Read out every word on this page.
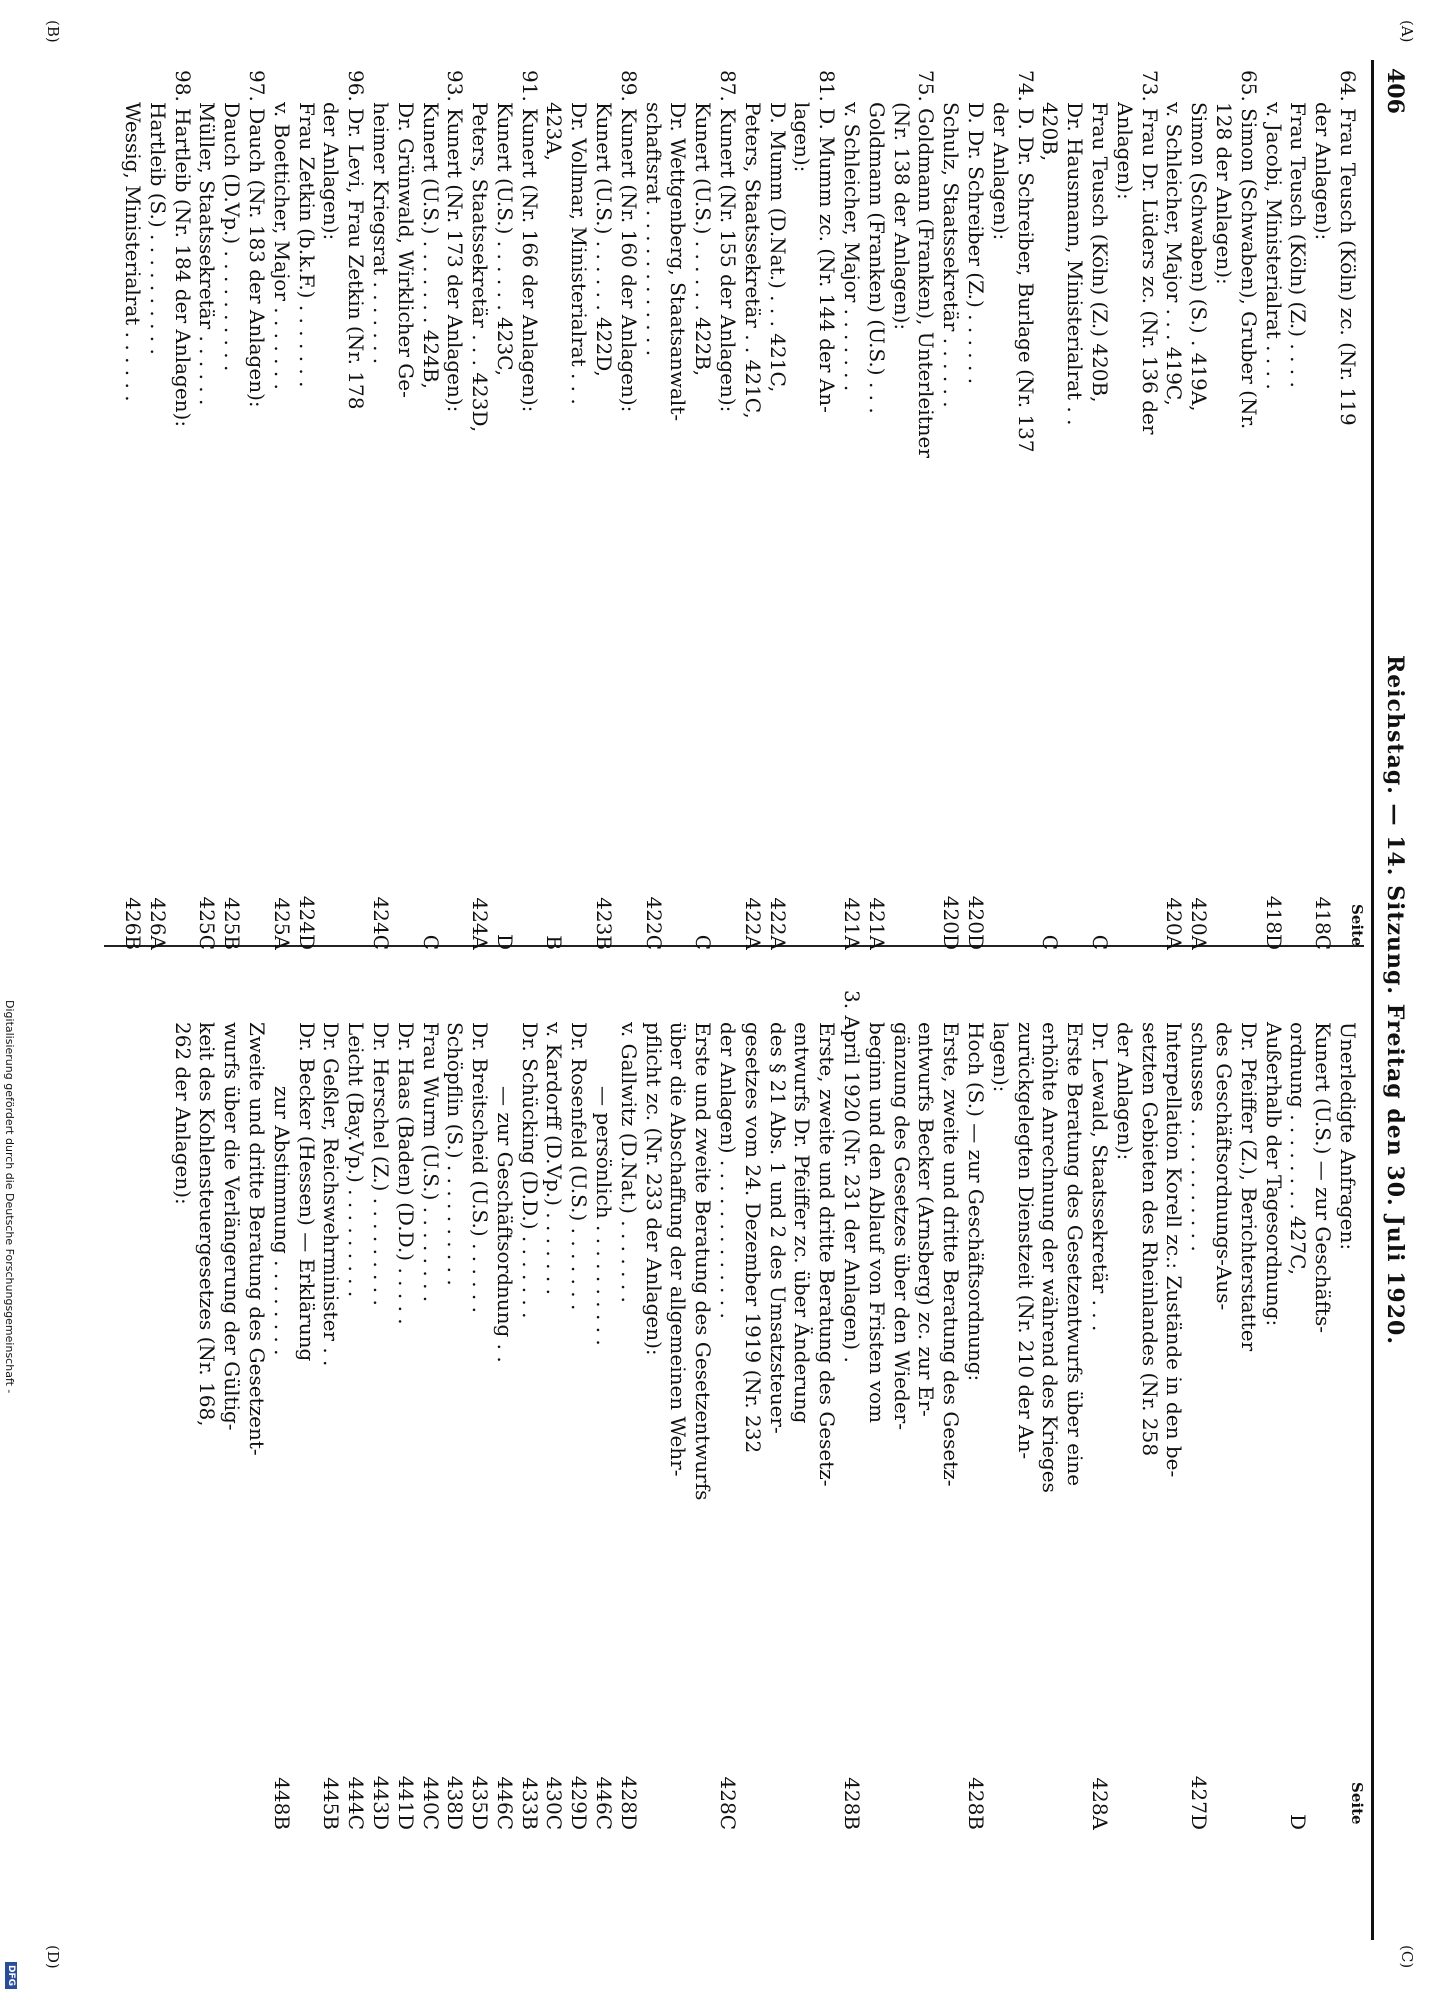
406
Reichstag. — 14. Sitzung. Freitag den 30. Juli 1920.
(A)
(B)
(C)
(D)
Seite
Seite
64. Frau Teusch (Köln) zc. (Nr. 119
der Anlagen):
418C
Frau Teusch (Köln) (Z.) . . . .
v. Jacobi, Ministerialrat . . . .
418D
65. Simon (Schwaben), Gruber (Nr.
128 der Anlagen):
Simon (Schwaben) (S.) . 419A,
420A
v. Schleicher, Major . . . 419C,
420A
73. Frau Dr. Lüders zc. (Nr. 136 der
Anlagen):
Frau Teusch (Köln) (Z.) 420B,
C
Dr. Hausmann, Ministerialrat . .
420B,
C
74. D. Dr. Schreiber, Burlage (Nr. 137
der Anlagen):
D. Dr. Schreiber (Z.) . . . . . .
420D
Schulz, Staatssekretär . . . . . .
420D
75. Goldmann (Franken), Unterleitner
(Nr. 138 der Anlagen):
Goldmann (Franken) (U.S.) . . .
421A
v. Schleicher, Major . . . . . . .
421A
81. D. Mumm zc. (Nr. 144 der An-
lagen):
D. Mumm (D.Nat.) . . . 421C,
422A
Peters, Staatssekretär . . 421C,
422A
87. Kunert (Nr. 155 der Anlagen):
Kunert (U.S.) . . . . . . 422B,
C
Dr. Wettgenberg, Staatsanwalt-
schaftsrat . . . . . . . . . . . .
422C
89. Kunert (Nr. 160 der Anlagen):
Kunert (U.S.) . . . . . . 422D,
423B
Dr. Vollmar, Ministerialrat . . .
423A,
B
91. Kunert (Nr. 166 der Anlagen):
Kunert (U.S.) . . . . . . 423C,
D
Peters, Staatssekretär . . . 423D,
424A
93. Kunert (Nr. 173 der Anlagen):
Kunert (U.S.) . . . . . . . 424B,
C
Dr. Grünwald, Wirklicher Ge-
heimer Kriegsrat . . . . . . .
424C
96. Dr. Levi, Frau Zetkin (Nr. 178
der Anlagen):
Frau Zetkin (b.k.F.) . . . . . . .
424D
v. Boetticher, Major . . . . . . .
425A
97. Dauch (Nr. 183 der Anlagen):
Dauch (D.Vp.) . . . . . . . . . .
425B
Müller, Staatssekretär . . . . . .
425C
98. Hartleib (Nr. 184 der Anlagen):
Hartleib (S.) . . . . . . . . . .
426A
Wessig, Ministerialrat . . . . . .
426B
Unerledigte Anfragen:
Kunert (U.S.) — zur Geschäfts-
ordnung . . . . . . . . 427C,
D
Außerhalb der Tagesordnung:
Dr. Pfeiffer (Z.), Berichterstatter
des Geschäftsordnungs-Aus-
schusses . . . . . . . . . . .
427D
Interpellation Korell zc.: Zustände in den be-
setzten Gebieten des Rheinlandes (Nr. 258
der Anlagen):
Dr. Lewald, Staatssekretär . . .
428A
Erste Beratung des Gesetzentwurfs über eine
erhöhte Anrechnung der während des Krieges
zurückgelegten Dienstzeit (Nr. 210 der An-
lagen):
Hoch (S.) — zur Geschäftsordnung:
428B
Erste, zweite und dritte Beratung des Gesetz-
entwurfs Becker (Arnsberg) zc. zur Er-
gänzung des Gesetzes über den Wieder-
beginn und den Ablauf von Fristen vom
3. April 1920 (Nr. 231 der Anlagen) .
428B
Erste, zweite und dritte Beratung des Gesetz-
entwurfs Dr. Pfeiffer zc. über Änderung
des § 21 Abs. 1 und 2 des Umsatzsteuer-
gesetzes vom 24. Dezember 1919 (Nr. 232
der Anlagen) . . . . . . . . . . . . .
428C
Erste und zweite Beratung des Gesetzentwurfs
über die Abschaffung der allgemeinen Wehr-
pflicht zc. (Nr. 233 der Anlagen):
v. Gallwitz (D.Nat.) . . . . . . .
428D
— persönlich . . . . . . . . . .
446C
Dr. Rosenfeld (U.S.) . . . . . . .
429D
v. Kardorff (D.Vp.) . . . . . . .
430C
Dr. Schücking (D.D.) . . . . . . .
433B
— zur Geschäftsordnung . .
446C
Dr. Breitscheid (U.S.) . . . . . .
435D
Schöpflin (S.) . . . . . . . . . .
438D
Frau Wurm (U.S.) . . . . . . . .
440C
Dr. Haas (Baden) (D.D.) . . . . .
441D
Dr. Herschel (Z.) . . . . . . . . .
443D
Leicht (Bay.Vp.) . . . . . . . . .
444C
Dr. Geßler, Reichswehrminister . .
445B
Dr. Becker (Hessen) — Erklärung
zur Abstimmung . . . . . . . .
448B
Zweite und dritte Beratung des Gesetzent-
wurfs über die Verlängerung der Gültig-
keit des Kohlensteuergesetzes (Nr. 168,
262 der Anlagen):
Digitalisierung gefördert durch die Deutsche Forschungsgemeinschaft -
DFG
